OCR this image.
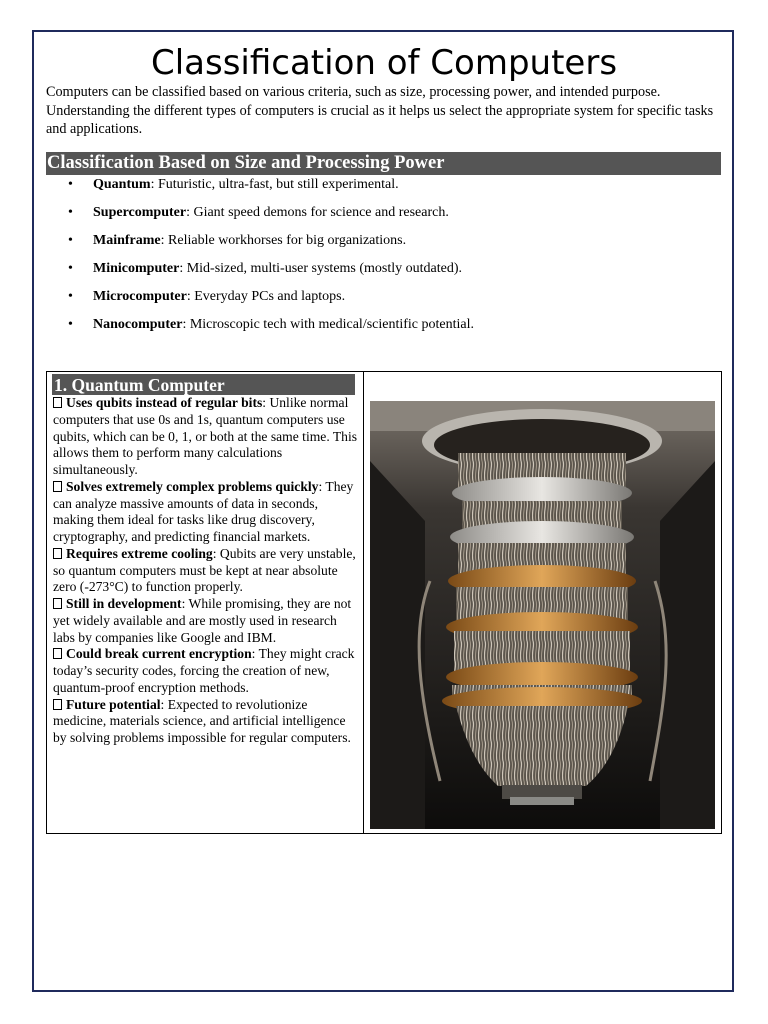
Classification of Computers

Computers can be classified based on various criteria, such as size, processing power, and intended purpose. Understanding the different types of computers is crucial as it helps us select the appropriate system for specific tasks and applications.

Classification Based on Size and Processing Power
• Quantum: Futuristic, ultra-fast, but still experimental.
• Supercomputer: Giant speed demons for science and research.
• Mainframe: Reliable workhorses for big organizations.
• Minicomputer: Mid-sized, multi-user systems (mostly outdated).
• Microcomputer: Everyday PCs and laptops.
• Nanocomputer: Microscopic tech with medical/scientific potential.
1. Quantum Computer

Uses qubits instead of regular bits: Unlike normal computers that use 0s and 1s, quantum computers use qubits, which can be 0, 1, or both at the same time. This allows them to perform many calculations simultaneously.

Solves extremely complex problems quickly: They can analyze massive amounts of data in seconds, making them ideal for tasks like drug discovery, cryptography, and predicting financial markets.

Requires extreme cooling: Qubits are very unstable, so quantum computers must be kept at near absolute zero (-273°C) to function properly.

Still in development: While promising, they are not yet widely available and are mostly used in research labs by companies like Google and IBM.

Could break current encryption: They might crack today’s security codes, forcing the creation of new, quantum-proof encryption methods.

Future potential: Expected to revolutionize medicine, materials science, and artificial intelligence by solving problems impossible for regular computers.
